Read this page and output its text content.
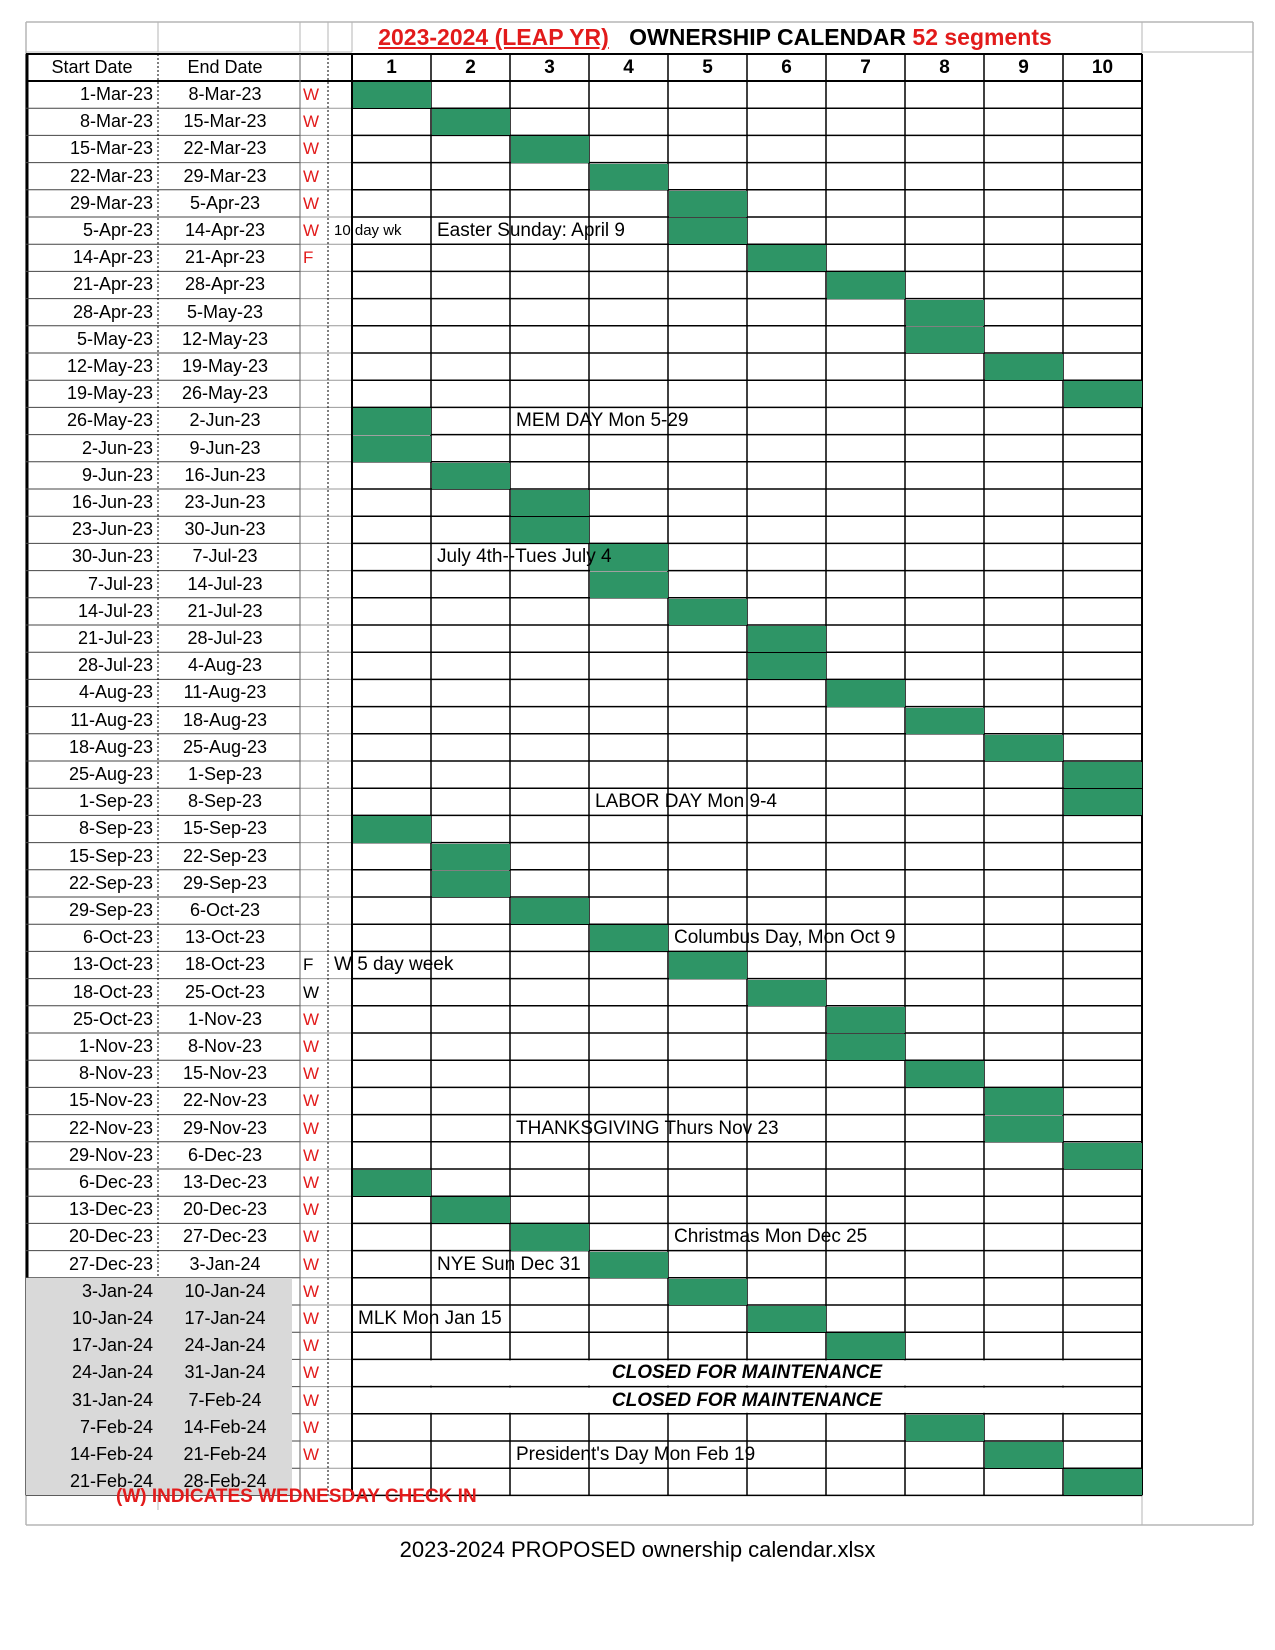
2023-2024 (LEAP YR) OWNERSHIP CALENDAR 52 segments
Start Date	End Date	1	2	3	4	5	6	7	8	9	10
1-Mar-23	8-Mar-23	W
8-Mar-23	15-Mar-23	W
15-Mar-23	22-Mar-23	W
22-Mar-23	29-Mar-23	W
29-Mar-23	5-Apr-23	W
5-Apr-23	14-Apr-23	W 10 day wk Easter Sunday: April 9
14-Apr-23	21-Apr-23	F
21-Apr-23	28-Apr-23
28-Apr-23	5-May-23
5-May-23	12-May-23
12-May-23	19-May-23
19-May-23	26-May-23
26-May-23	2-Jun-23	MEM DAY Mon 5-29
2-Jun-23	9-Jun-23
9-Jun-23	16-Jun-23
16-Jun-23	23-Jun-23
23-Jun-23	30-Jun-23
30-Jun-23	7-Jul-23	July 4th--Tues July 4
7-Jul-23	14-Jul-23
14-Jul-23	21-Jul-23
21-Jul-23	28-Jul-23
28-Jul-23	4-Aug-23
4-Aug-23	11-Aug-23
11-Aug-23	18-Aug-23
18-Aug-23	25-Aug-23
25-Aug-23	1-Sep-23
1-Sep-23	8-Sep-23	LABOR DAY Mon 9-4
8-Sep-23	15-Sep-23
15-Sep-23	22-Sep-23
22-Sep-23	29-Sep-23
29-Sep-23	6-Oct-23
6-Oct-23	13-Oct-23	Columbus Day, Mon Oct 9
13-Oct-23	18-Oct-23	F	W 5 day week
18-Oct-23	25-Oct-23	W
25-Oct-23	1-Nov-23	W
1-Nov-23	8-Nov-23	W
8-Nov-23	15-Nov-23	W
15-Nov-23	22-Nov-23	W
22-Nov-23	29-Nov-23	W	THANKSGIVING Thurs Nov 23
29-Nov-23	6-Dec-23	W
6-Dec-23	13-Dec-23	W
13-Dec-23	20-Dec-23	W
20-Dec-23	27-Dec-23	W	Christmas Mon Dec 25
27-Dec-23	3-Jan-24	W	NYE Sun Dec 31
3-Jan-24	10-Jan-24	W
10-Jan-24	17-Jan-24	W	MLK Mon Jan 15
17-Jan-24	24-Jan-24	W
24-Jan-24	31-Jan-24	W	CLOSED FOR MAINTENANCE
31-Jan-24	7-Feb-24	W	CLOSED FOR MAINTENANCE
7-Feb-24	14-Feb-24	W
14-Feb-24	21-Feb-24	W	President's Day Mon Feb 19
21-Feb-24	28-Feb-24
(W) INDICATES WEDNESDAY CHECK IN
2023-2024 PROPOSED ownership calendar.xlsx
